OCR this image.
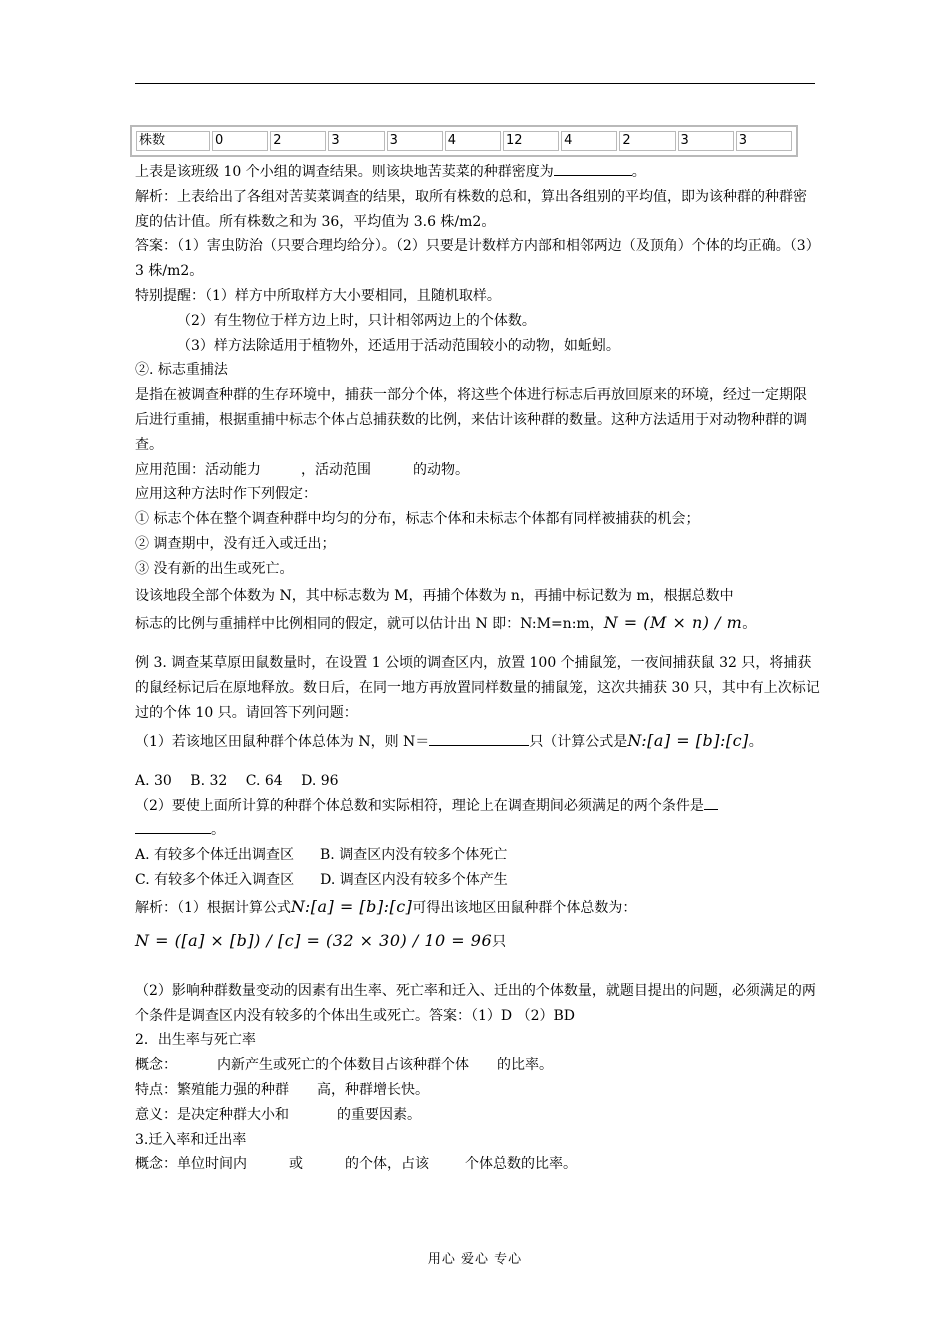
株数	0	2	3	3	4	12	4	2	3	3

上表是该班级 10 个小组的调查结果。则该块地苦荬菜的种群密度为	。

解析：上表给出了各组对苦荬菜调查的结果，取所有株数的总和，算出各组别的平均值，即为该种群的种群密度的估计值。所有株数之和为 36，平均值为 3.6 株/m2。

答案：（1）害虫防治（只要合理均给分）。（2）只要是计数样方内部和相邻两边（及顶角）个体的均正确。（3）3 株/m2。

特别提醒：（1）样方中所取样方大小要相同，且随机取样。

（2）有生物位于样方边上时，只计相邻两边上的个体数。

（3）样方法除适用于植物外，还适用于活动范围较小的动物，如蚯蚓。

②. 标志重捕法

是指在被调查种群的生存环境中，捕获一部分个体，将这些个体进行标志后再放回原来的环境，经过一定期限后进行重捕，根据重捕中标志个体占总捕获数的比例，来估计该种群的数量。这种方法适用于对动物种群的调查。

应用范围：活动能力	，活动范围	的动物。

应用这种方法时作下列假定：

① 标志个体在整个调查种群中均匀的分布，标志个体和未标志个体都有同样被捕获的机会；

② 调查期中，没有迁入或迁出；

③ 没有新的出生或死亡。

设该地段全部个体数为 N，其中标志数为 M，再捕个体数为 n，再捕中标记数为 m，根据总数中

标志的比例与重捕样中比例相同的假定，就可以估计出 N 即：N:M=n:m，N = (M × n) / m。

例 3. 调查某草原田鼠数量时，在设置 1 公顷的调查区内，放置 100 个捕鼠笼，一夜间捕获鼠 32 只，将捕获的鼠经标记后在原地释放。数日后，在同一地方再放置同样数量的捕鼠笼，这次共捕获 30 只，其中有上次标记过的个体 10 只。请回答下列问题：

（1）若该地区田鼠种群个体总体为 N，则 N＝	只（计算公式是N:[a] = [b]:[c]。

A. 30　 B. 32　 C. 64　 D. 96

（2）要使上面所计算的种群个体总数和实际相符，理论上在调查期间必须满足的两个条件是

。

A. 有较多个体迁出调查区 B. 调查区内没有较多个体死亡

C. 有较多个体迁入调查区 D. 调查区内没有较多个体产生

解析：（1）根据计算公式N:[a] = [b]:[c]可得出该地区田鼠种群个体总数为：

N = ([a] × [b]) / [c] = (32 × 30) / 10 = 96只

（2）影响种群数量变动的因素有出生率、死亡率和迁入、迁出的个体数量，就题目提出的问题，必须满足的两个条件是调查区内没有较多的个体出生或死亡。答案：（1）D （2）BD

2．出生率与死亡率

概念：	内新产生或死亡的个体数目占该种群个体 的比率。

特点：繁殖能力强的种群 高，种群增长快。

意义：是决定种群大小和	的重要因素。

3.迁入率和迁出率

概念：单位时间内	或	的个体，占该	个体总数的比率。

用心 爱心 专心
